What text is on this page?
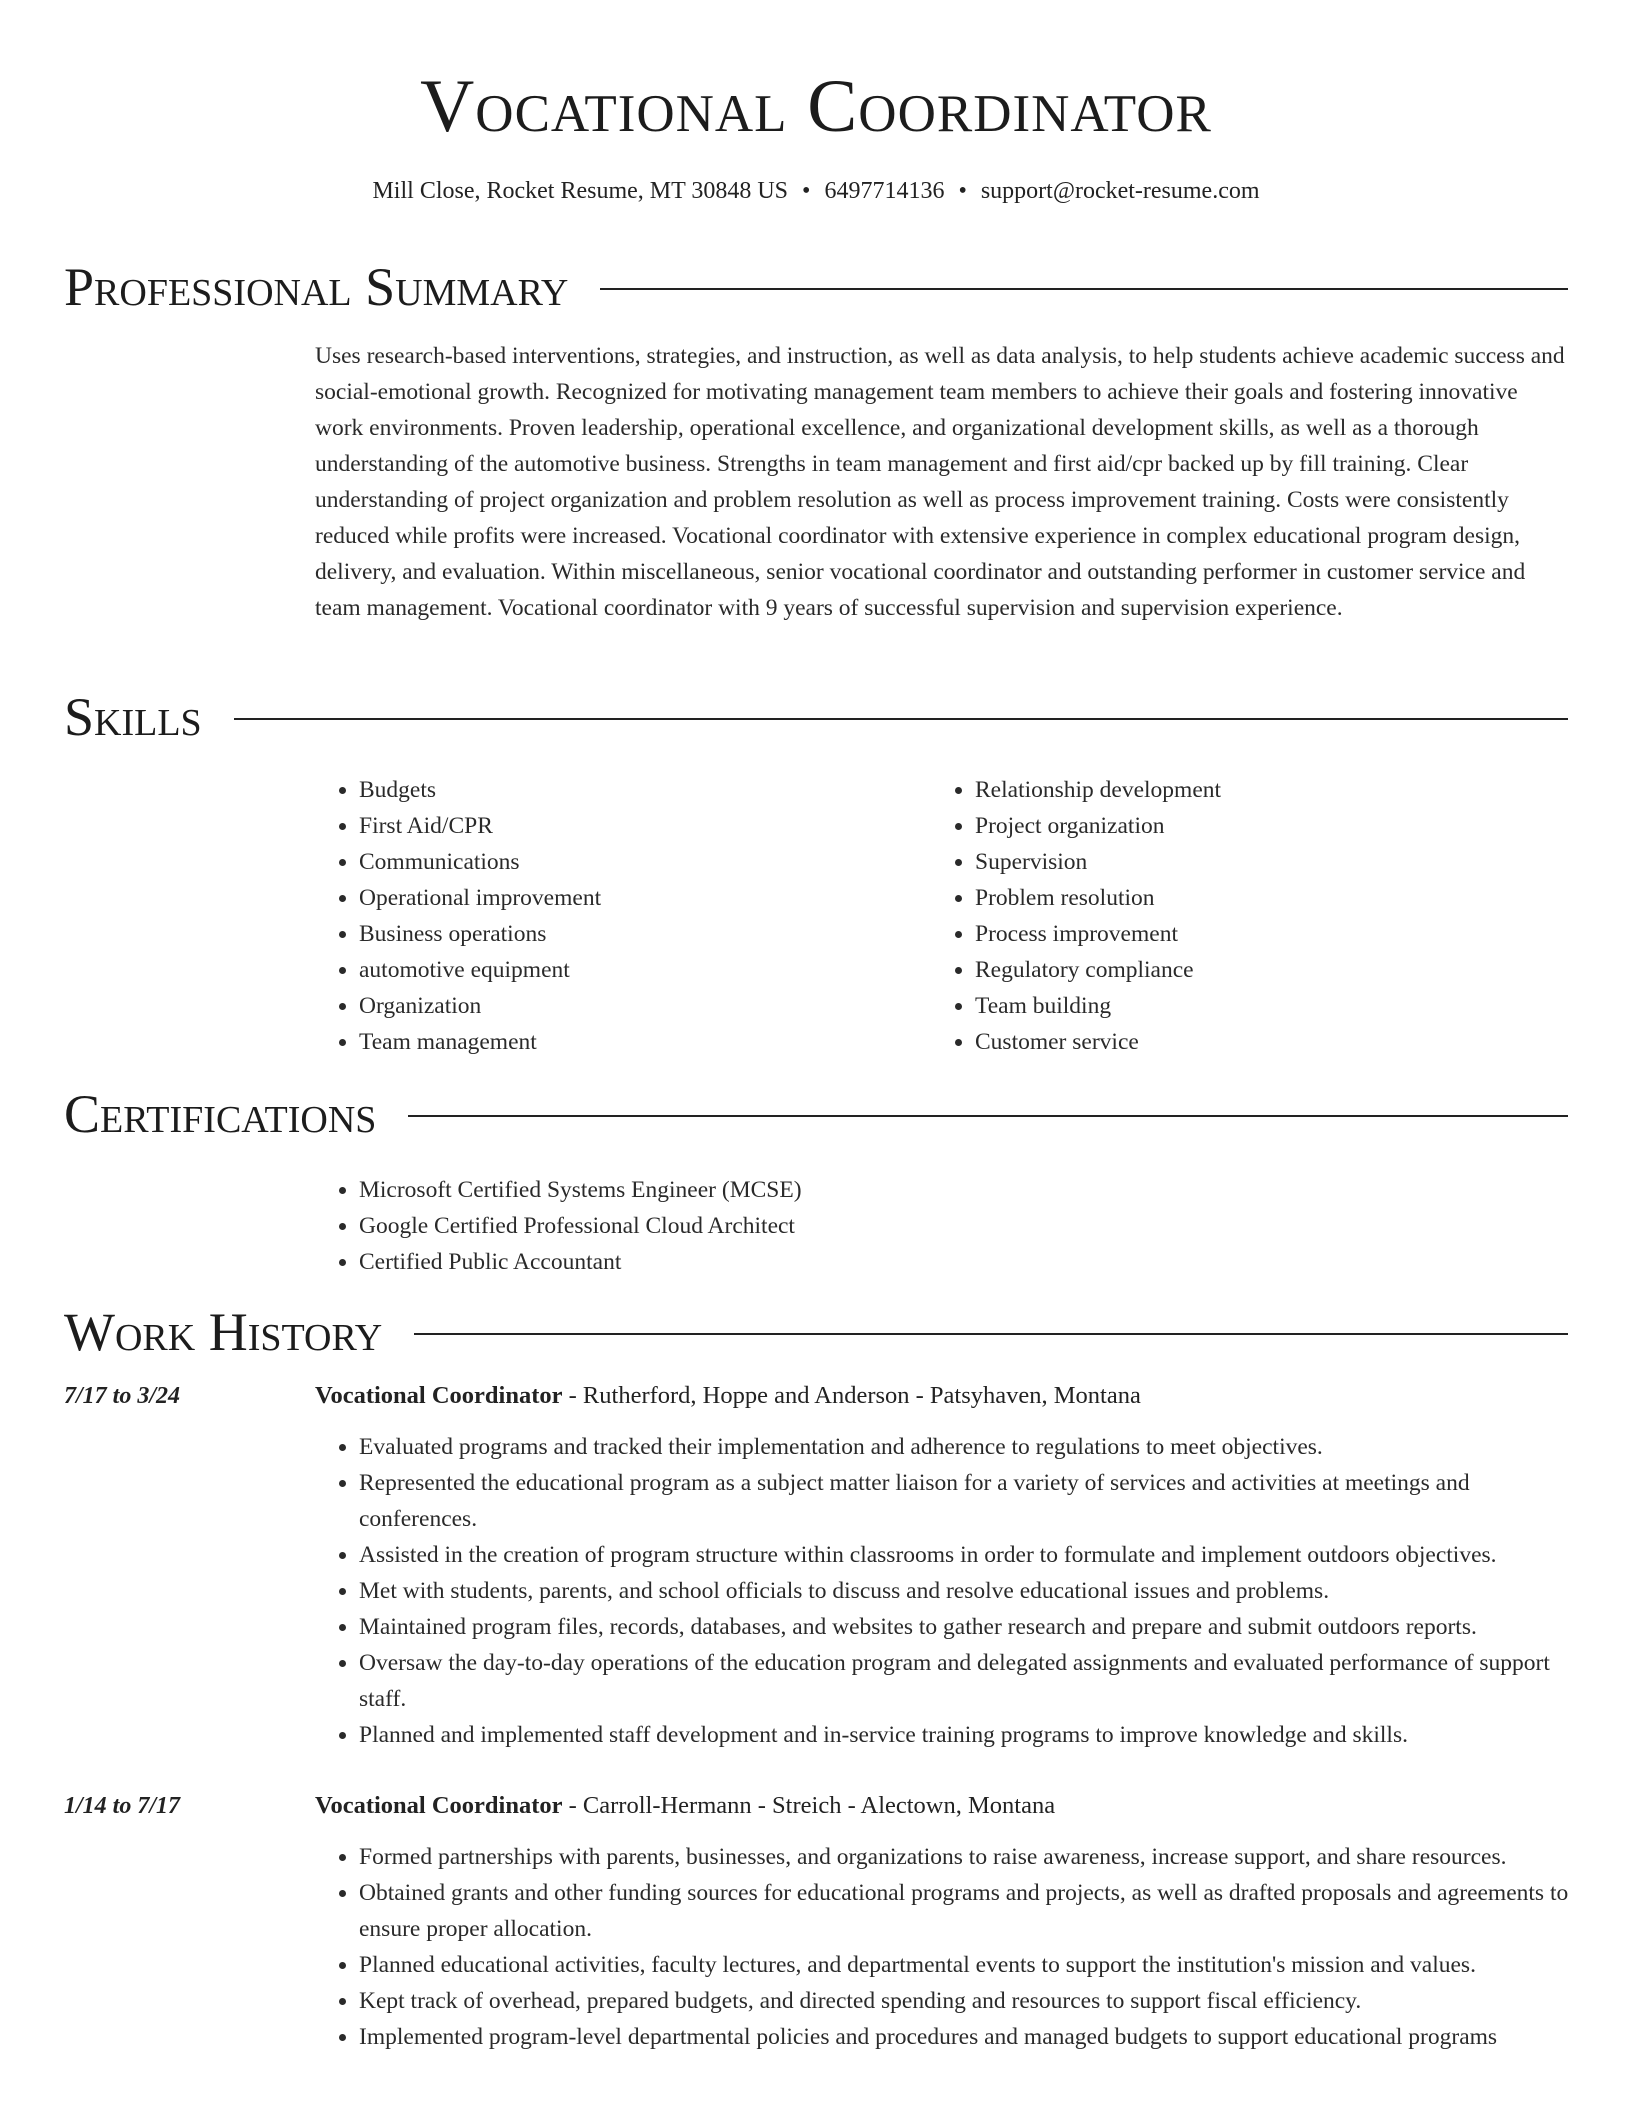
Vocational Coordinator
Mill Close, Rocket Resume, MT 30848 US • 6497714136 • support@rocket-resume.com
Professional Summary
Uses research-based interventions, strategies, and instruction, as well as data analysis, to help students achieve academic success and social-emotional growth. Recognized for motivating management team members to achieve their goals and fostering innovative work environments. Proven leadership, operational excellence, and organizational development skills, as well as a thorough understanding of the automotive business. Strengths in team management and first aid/cpr backed up by fill training. Clear understanding of project organization and problem resolution as well as process improvement training. Costs were consistently reduced while profits were increased. Vocational coordinator with extensive experience in complex educational program design, delivery, and evaluation. Within miscellaneous, senior vocational coordinator and outstanding performer in customer service and team management. Vocational coordinator with 9 years of successful supervision and supervision experience.
Skills
• Budgets
• First Aid/CPR
• Communications
• Operational improvement
• Business operations
• automotive equipment
• Organization
• Team management
• Relationship development
• Project organization
• Supervision
• Problem resolution
• Process improvement
• Regulatory compliance
• Team building
• Customer service
Certifications
• Microsoft Certified Systems Engineer (MCSE)
• Google Certified Professional Cloud Architect
• Certified Public Accountant
Work History
7/17 to 3/24	Vocational Coordinator - Rutherford, Hoppe and Anderson - Patsyhaven, Montana
• Evaluated programs and tracked their implementation and adherence to regulations to meet objectives.
• Represented the educational program as a subject matter liaison for a variety of services and activities at meetings and conferences.
• Assisted in the creation of program structure within classrooms in order to formulate and implement outdoors objectives.
• Met with students, parents, and school officials to discuss and resolve educational issues and problems.
• Maintained program files, records, databases, and websites to gather research and prepare and submit outdoors reports.
• Oversaw the day-to-day operations of the education program and delegated assignments and evaluated performance of support staff.
• Planned and implemented staff development and in-service training programs to improve knowledge and skills.
1/14 to 7/17	Vocational Coordinator - Carroll-Hermann - Streich - Alectown, Montana
• Formed partnerships with parents, businesses, and organizations to raise awareness, increase support, and share resources.
• Obtained grants and other funding sources for educational programs and projects, as well as drafted proposals and agreements to ensure proper allocation.
• Planned educational activities, faculty lectures, and departmental events to support the institution's mission and values.
• Kept track of overhead, prepared budgets, and directed spending and resources to support fiscal efficiency.
• Implemented program-level departmental policies and procedures and managed budgets to support educational programs
